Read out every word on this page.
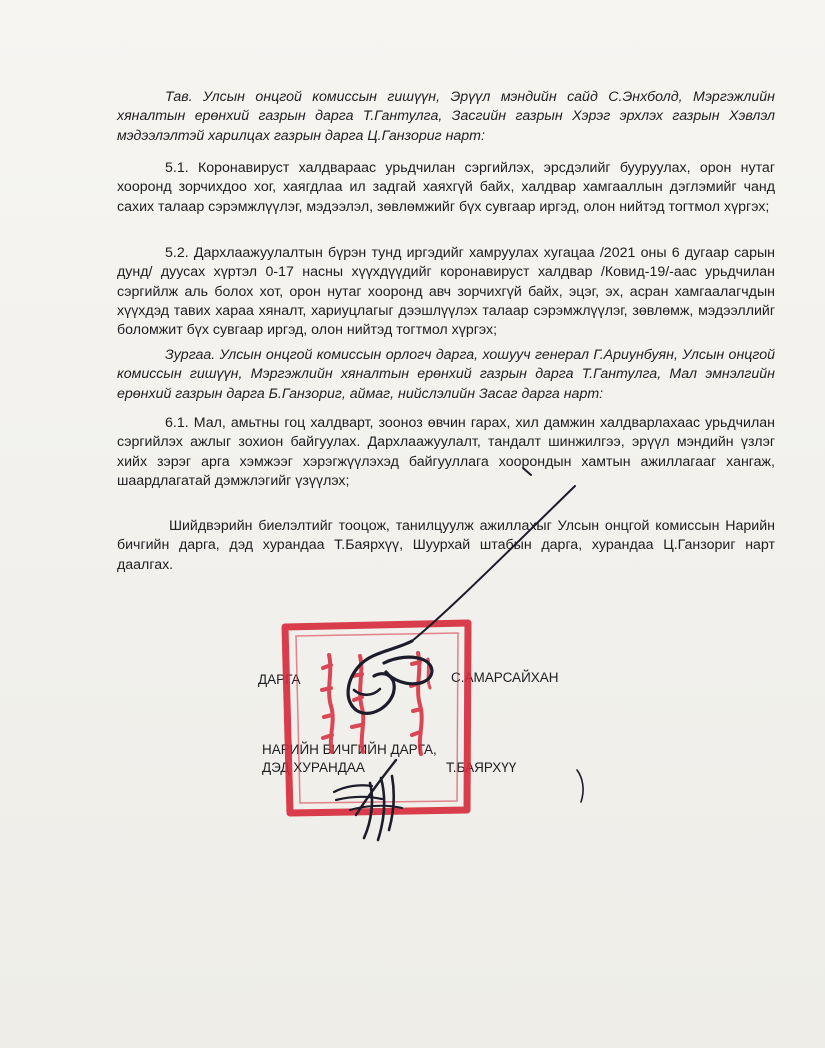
Тав. Улсын онцгой комиссын гишүүн, Эрүүл мэндийн сайд С.Энхболд, Мэргэжлийн хяналтын ерөнхий газрын дарга Т.Гантулга, Засгийн газрын Хэрэг эрхлэх газрын Хэвлэл мэдээлэлтэй харилцах газрын дарга Ц.Ганзориг нарт:

5.1. Коронавируст халдвараас урьдчилан сэргийлэх, эрсдэлийг бууруулах, орон нутаг хооронд зорчихдоо хог, хаягдлаа ил задгай хаяхгүй байх, халдвар хамгааллын дэглэмийг чанд сахих талаар сэрэмжлүүлэг, мэдээлэл, зөвлөмжийг бүх сувгаар иргэд, олон нийтэд тогтмол хүргэх;

5.2. Дархлаажуулалтын бүрэн тунд иргэдийг хамруулах хугацаа /2021 оны 6 дугаар сарын дунд/ дуусах хүртэл 0-17 насны хүүхдүүдийг коронавируст халдвар /Ковид-19/-аас урьдчилан сэргийлж аль болох хот, орон нутаг хооронд авч зорчихгүй байх, эцэг, эх, асран хамгаалагчдын хүүхдэд тавих хараа хяналт, хариуцлагыг дээшлүүлэх талаар сэрэмжлүүлэг, зөвлөмж, мэдээллийг боломжит бүх сувгаар иргэд, олон нийтэд тогтмол хүргэх;

Зургаа. Улсын онцгой комиссын орлогч дарга, хошууч генерал Г.Ариунбуян, Улсын онцгой комиссын гишүүн, Мэргэжлийн хяналтын ерөнхий газрын дарга Т.Гантулга, Мал эмнэлгийн ерөнхий газрын дарга Б.Ганзориг, аймаг, нийслэлийн Засаг дарга нарт:

6.1. Мал, амьтны гоц халдварт, зооноз өвчин гарах, хил дамжин халдварлахаас урьдчилан сэргийлэх ажлыг зохион байгуулах. Дархлаажуулалт, тандалт шинжилгээ, эрүүл мэндийн үзлэг хийх зэрэг арга хэмжээг хэрэгжүүлэхэд байгууллага хоорондын хамтын ажиллагааг хангаж, шаардлагатай дэмжлэгийг үзүүлэх;

Шийдвэрийн биелэлтийг тооцож, танилцуулж ажиллахыг Улсын онцгой комиссын Нарийн бичгийн дарга, дэд хурандаа Т.Баярхүү, Шуурхай штабын дарга, хурандаа Ц.Ганзориг нарт даалгах.

ДАРГА	С.АМАРСАЙХАН
НАРИЙН БИЧГИЙН ДАРГА,
ДЭД ХУРАНДАА	Т.БАЯРХҮҮ
